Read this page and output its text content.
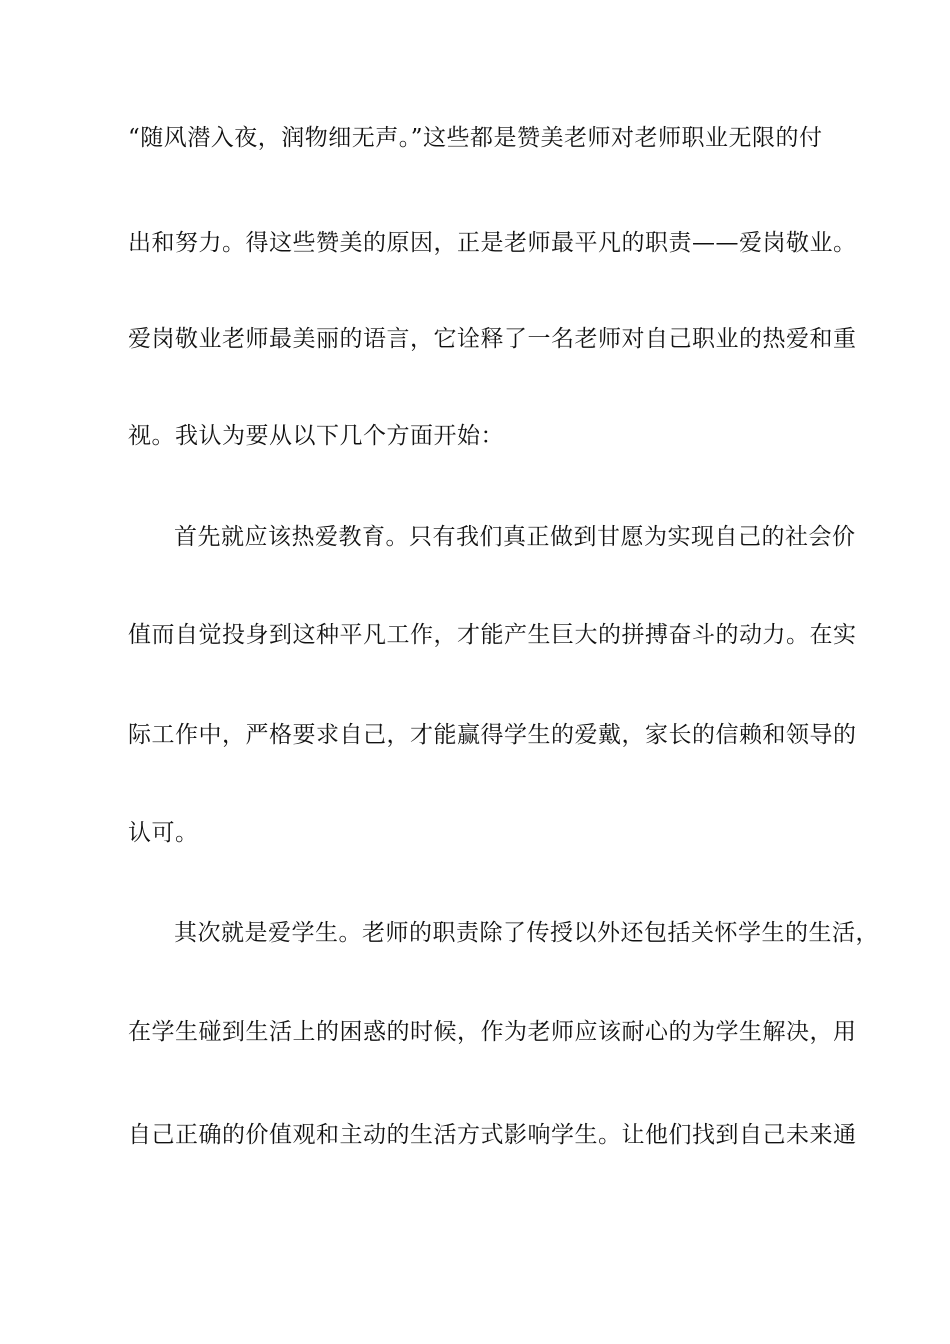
“随风潜入夜，润物细无声。”这些都是赞美老师对老师职业无限的付
出和努力。得这些赞美的原因，正是老师最平凡的职责——爱岗敬业。
爱岗敬业老师最美丽的语言，它诠释了一名老师对自己职业的热爱和重
视。我认为要从以下几个方面开始：
首先就应该热爱教育。只有我们真正做到甘愿为实现自己的社会价
值而自觉投身到这种平凡工作，才能产生巨大的拼搏奋斗的动力。在实
际工作中，严格要求自己，才能赢得学生的爱戴，家长的信赖和领导的
认可。
其次就是爱学生。老师的职责除了传授以外还包括关怀学生的生活，
在学生碰到生活上的困惑的时候，作为老师应该耐心的为学生解决，用
自己正确的价值观和主动的生活方式影响学生。让他们找到自己未来通
